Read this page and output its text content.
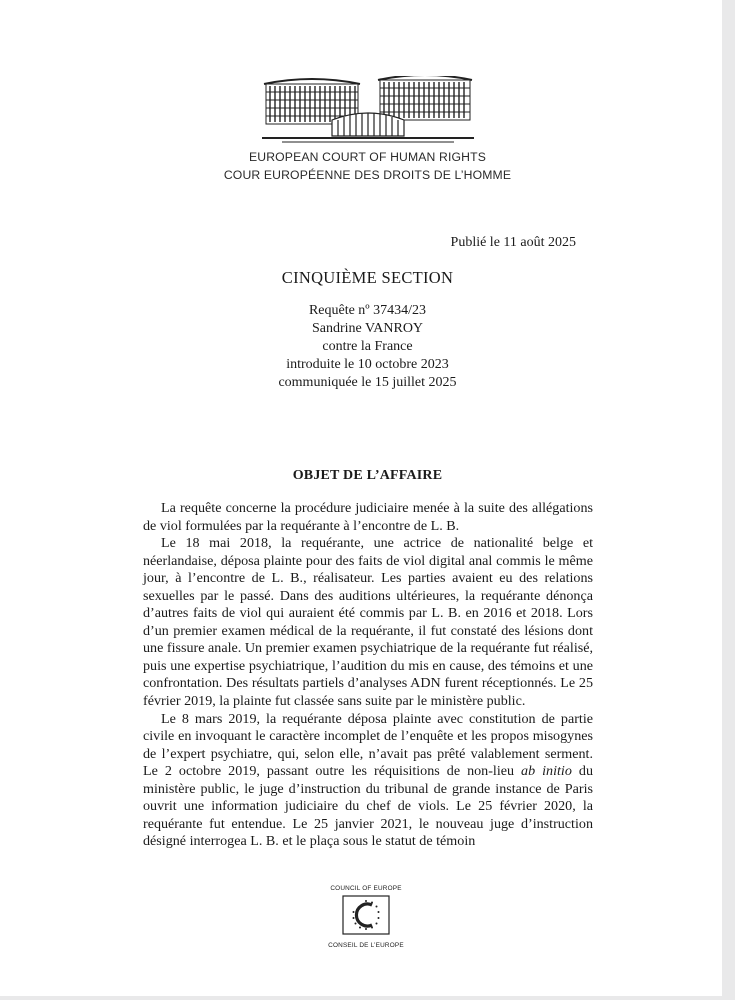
EUROPEAN COURT OF HUMAN RIGHTS
COUR EUROPÉENNE DES DROITS DE L’HOMME
Publié le 11 août 2025
CINQUIÈME SECTION
Requête nº 37434/23
Sandrine VANROY
contre la France
introduite le 10 octobre 2023
communiquée le 15 juillet 2025
OBJET DE L’AFFAIRE

La requête concerne la procédure judiciaire menée à la suite des allégations de viol formulées par la requérante à l’encontre de L. B.

Le 18 mai 2018, la requérante, une actrice de nationalité belge et néerlandaise, déposa plainte pour des faits de viol digital anal commis le même jour, à l’encontre de L. B., réalisateur. Les parties avaient eu des relations sexuelles par le passé. Dans des auditions ultérieures, la requérante dénonça d’autres faits de viol qui auraient été commis par L. B. en 2016 et 2018. Lors d’un premier examen médical de la requérante, il fut constaté des lésions dont une fissure anale. Un premier examen psychiatrique de la requérante fut réalisé, puis une expertise psychiatrique, l’audition du mis en cause, des témoins et une confrontation. Des résultats partiels d’analyses ADN furent réceptionnés. Le 25 février 2019, la plainte fut classée sans suite par le ministère public.

Le 8 mars 2019, la requérante déposa plainte avec constitution de partie civile en invoquant le caractère incomplet de l’enquête et les propos misogynes de l’expert psychiatre, qui, selon elle, n’avait pas prêté valablement serment. Le 2 octobre 2019, passant outre les réquisitions de non-lieu ab initio du ministère public, le juge d’instruction du tribunal de grande instance de Paris ouvrit une information judiciaire du chef de viols. Le 25 février 2020, la requérante fut entendue. Le 25 janvier 2021, le nouveau juge d’instruction désigné interrogea L. B. et le plaça sous le statut de témoin

COUNCIL OF EUROPE
CONSEIL DE L’EUROPE
